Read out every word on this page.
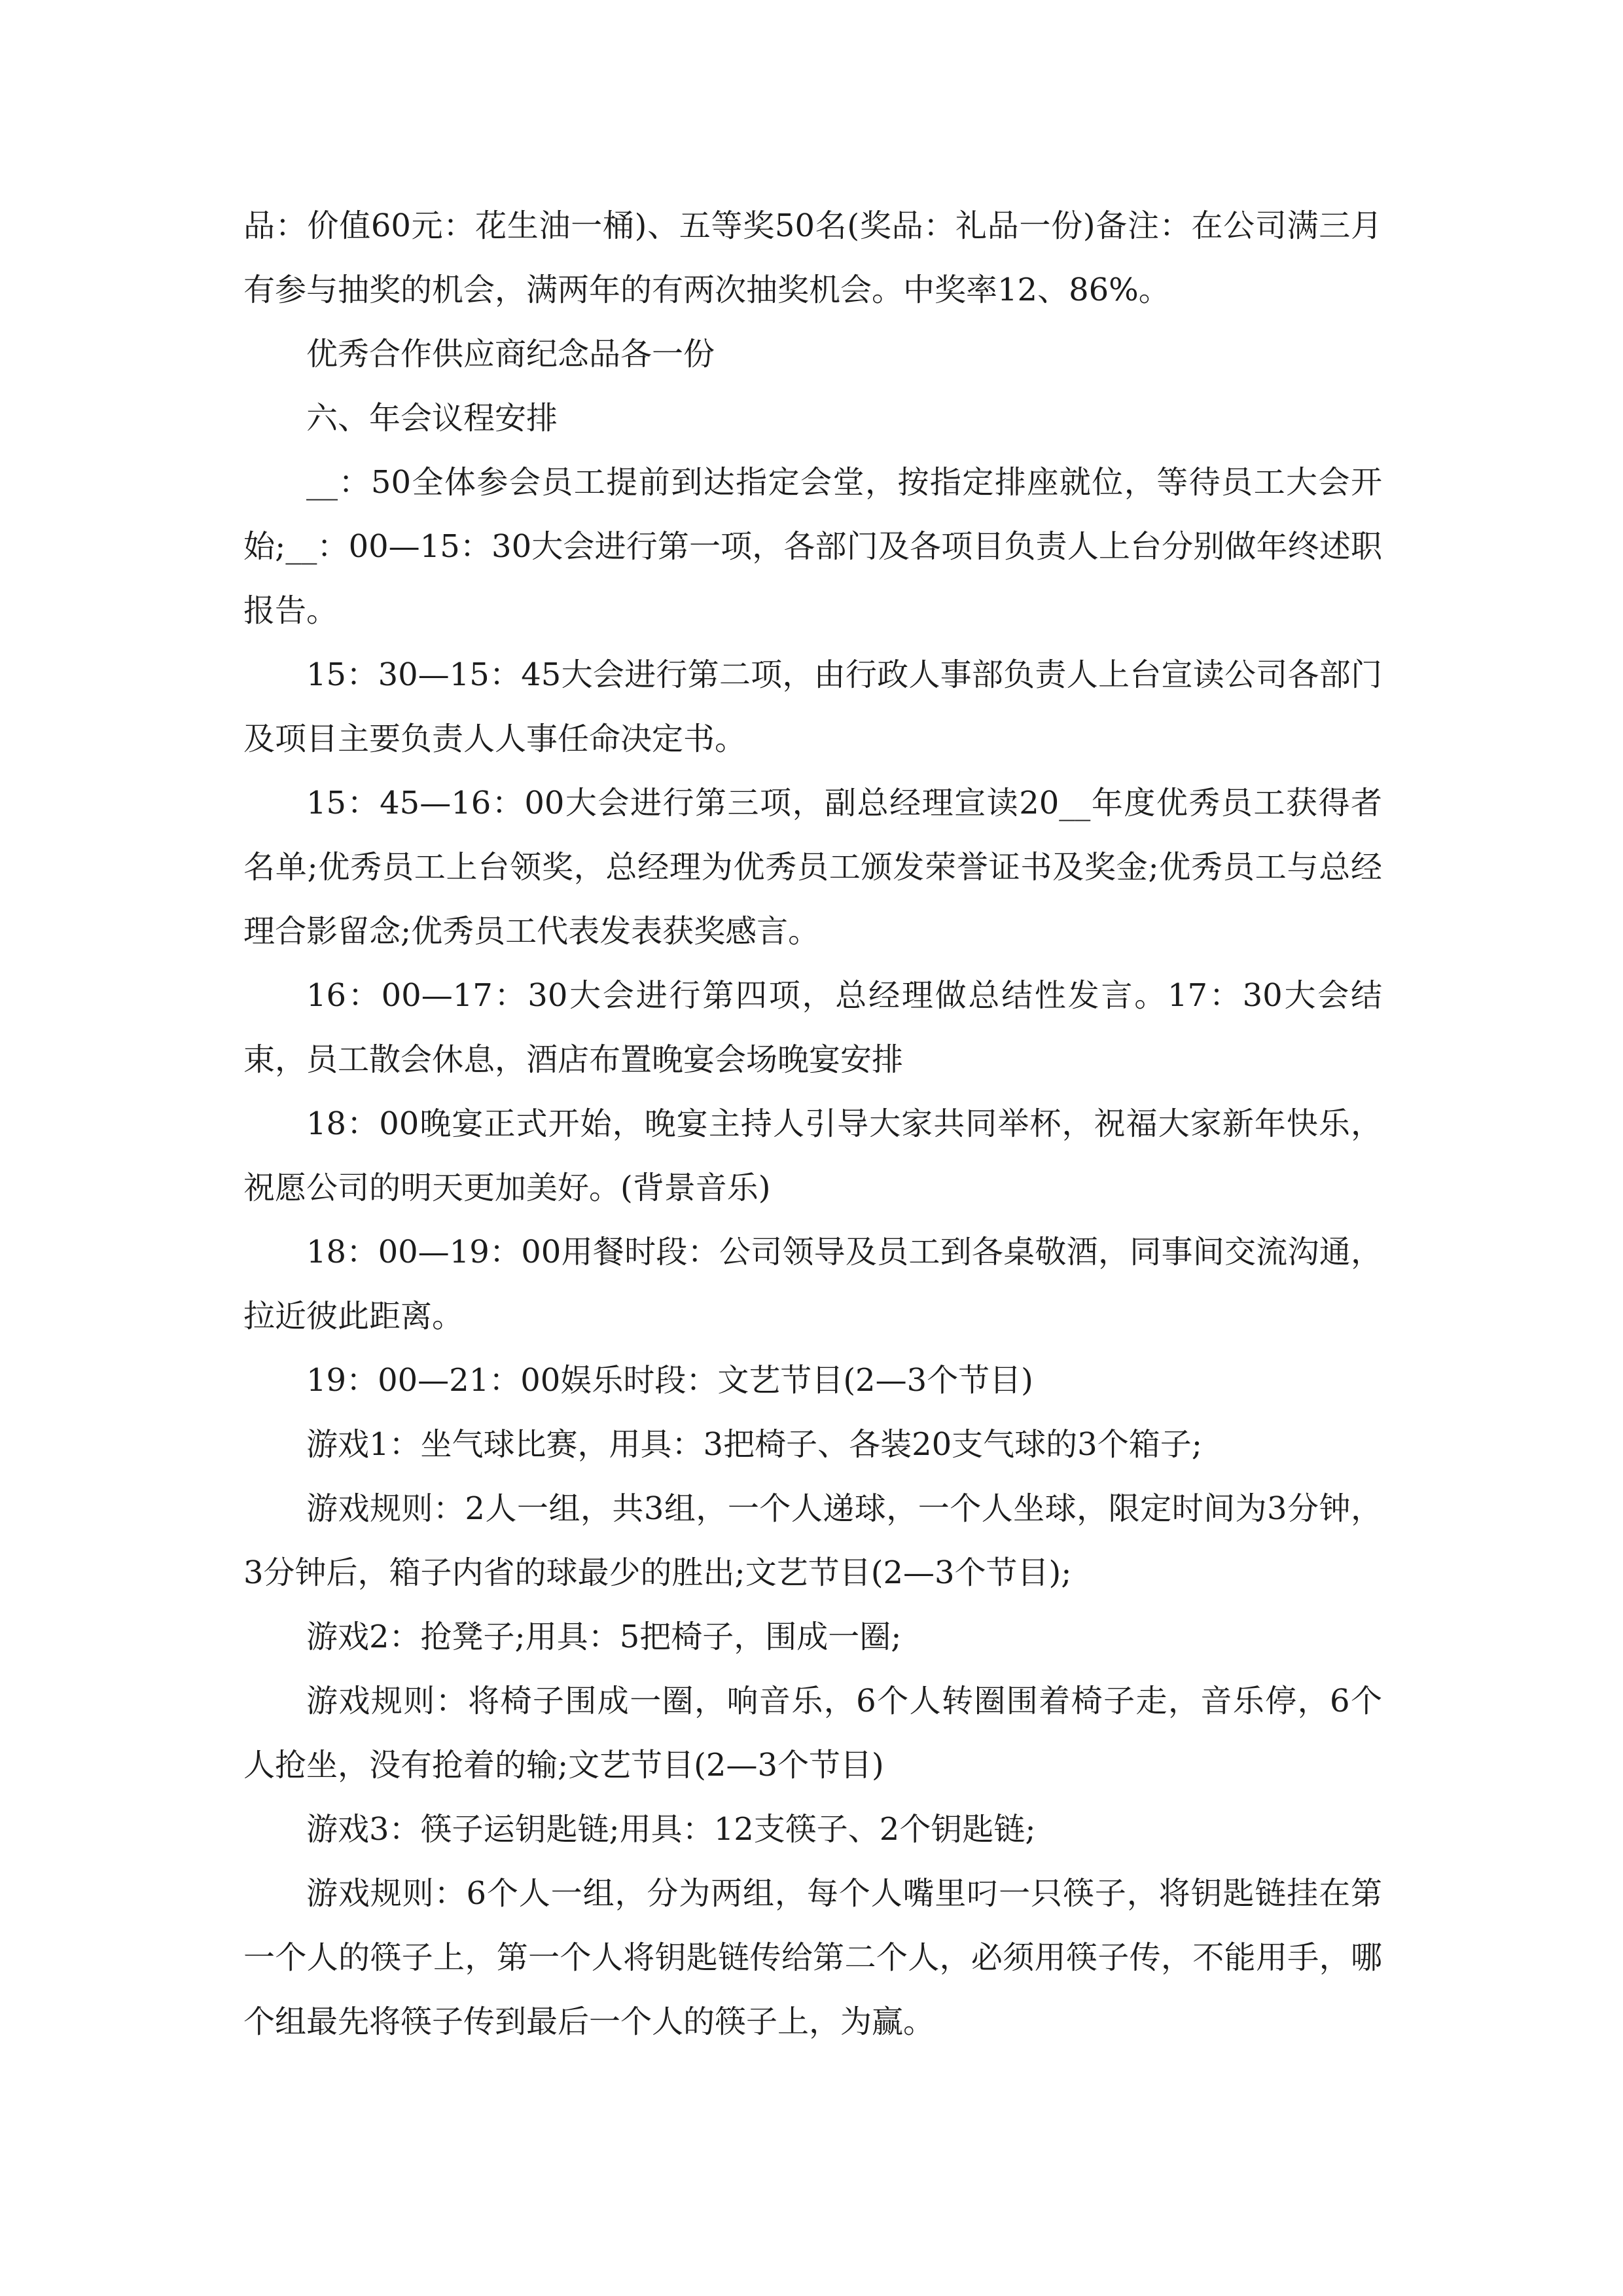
品：价值60元：花生油一桶)、五等奖50名(奖品：礼品一份)备注：在公司满三月有参与抽奖的机会，满两年的有两次抽奖机会。中奖率12、86%。

优秀合作供应商纪念品各一份

六、年会议程安排

__：50全体参会员工提前到达指定会堂，按指定排座就位，等待员工大会开始;__：00—15：30大会进行第一项，各部门及各项目负责人上台分别做年终述职报告。

15：30—15：45大会进行第二项，由行政人事部负责人上台宣读公司各部门及项目主要负责人人事任命决定书。

15：45—16：00大会进行第三项，副总经理宣读20__年度优秀员工获得者名单;优秀员工上台领奖，总经理为优秀员工颁发荣誉证书及奖金;优秀员工与总经理合影留念;优秀员工代表发表获奖感言。

16：00—17：30大会进行第四项，总经理做总结性发言。17：30大会结束，员工散会休息，酒店布置晚宴会场晚宴安排

18：00晚宴正式开始，晚宴主持人引导大家共同举杯，祝福大家新年快乐，祝愿公司的明天更加美好。(背景音乐)

18：00—19：00用餐时段：公司领导及员工到各桌敬酒，同事间交流沟通，拉近彼此距离。

19：00—21：00娱乐时段：文艺节目(2—3个节目)

游戏1：坐气球比赛，用具：3把椅子、各装20支气球的3个箱子;

游戏规则：2人一组，共3组，一个人递球，一个人坐球，限定时间为3分钟，3分钟后，箱子内省的球最少的胜出;文艺节目(2—3个节目);

游戏2：抢凳子;用具：5把椅子，围成一圈;

游戏规则：将椅子围成一圈，响音乐，6个人转圈围着椅子走，音乐停，6个人抢坐，没有抢着的输;文艺节目(2—3个节目)

游戏3：筷子运钥匙链;用具：12支筷子、2个钥匙链;

游戏规则：6个人一组，分为两组，每个人嘴里叼一只筷子，将钥匙链挂在第一个人的筷子上，第一个人将钥匙链传给第二个人，必须用筷子传，不能用手，哪个组最先将筷子传到最后一个人的筷子上，为赢。
